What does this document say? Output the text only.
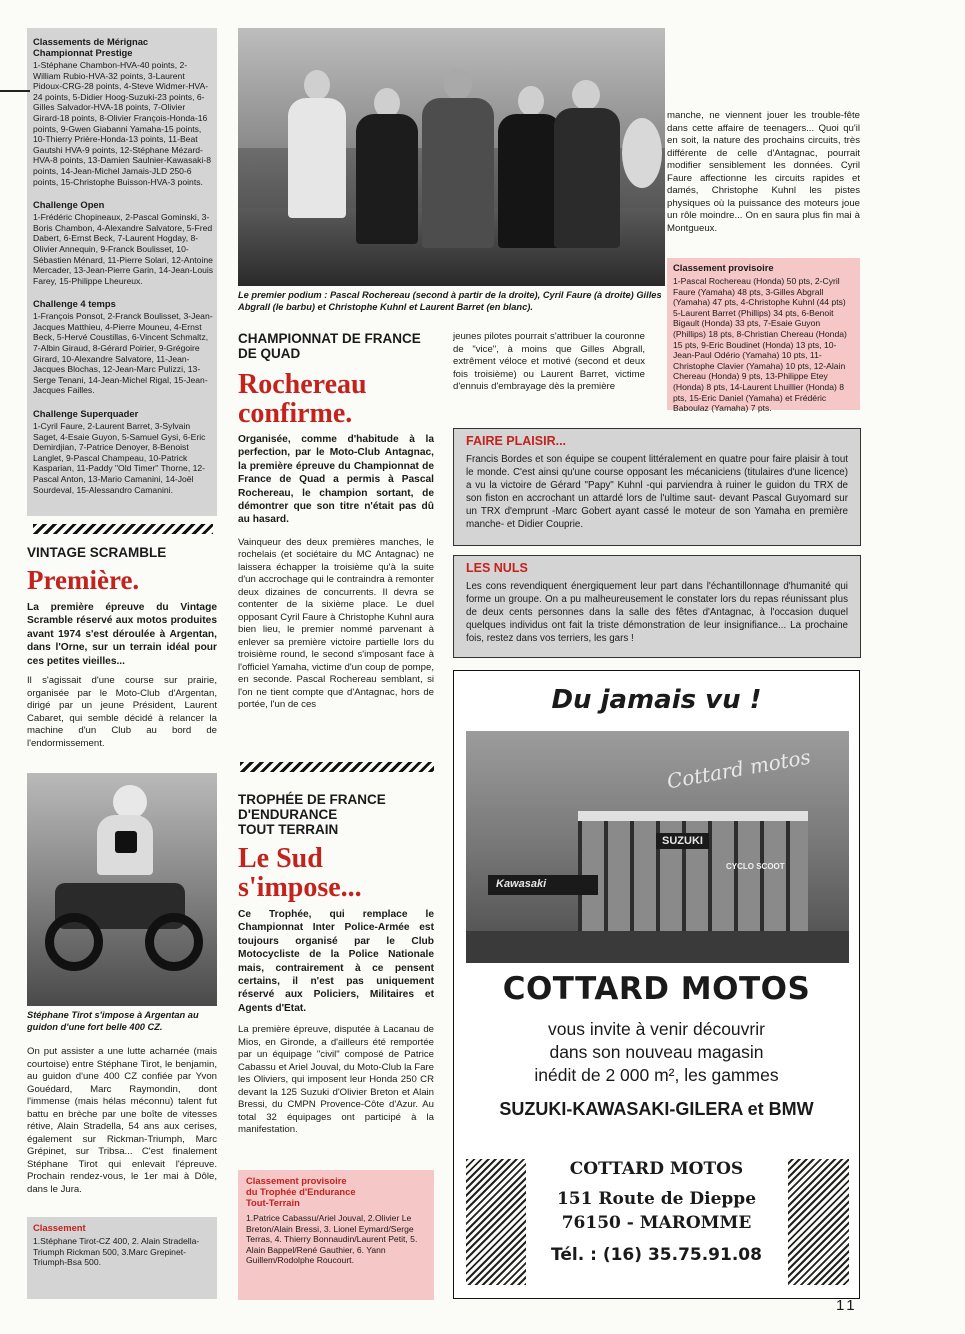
Classements de Mérignac
Championnat Prestige
1-Stéphane Chambon-HVA-40 points, 2-William Rubio-HVA-32 points, 3-Laurent Pidoux-CRG-28 points, 4-Steve Widmer-HVA-24 points, 5-Didier Hoog-Suzuki-23 points, 6-Gilles Salvador-HVA-18 points, 7-Olivier Girard-18 points, 8-Olivier François-Honda-16 points, 9-Gwen Giabanni Yamaha-15 points, 10-Thierry Prière-Honda-13 points, 11-Beat Gautshi HVA-9 points, 12-Stéphane Mézard-HVA-8 points, 13-Damien Saulnier-Kawasaki-8 points, 14-Jean-Michel Jamais-JLD 250-6 points, 15-Christophe Buisson-HVA-3 points.
Challenge Open
1-Frédéric Chopineaux, 2-Pascal Gominski, 3-Boris Chambon, 4-Alexandre Salvatore, 5-Fred Dabert, 6-Ernst Beck, 7-Laurent Hogday, 8-Olivier Annequin, 9-Franck Boulisset, 10-Sébastien Ménard, 11-Pierre Solari, 12-Antoine Mercader, 13-Jean-Pierre Garin, 14-Jean-Louis Farey, 15-Philippe Lheureux.
Challenge 4 temps
1-François Ponsot, 2-Franck Boulisset, 3-Jean-Jacques Matthieu, 4-Pierre Mouneu, 4-Ernst Beck, 5-Hervé Coustillas, 6-Vincent Schmaltz, 7-Albin Giraud, 8-Gérard Poirier, 9-Grégoire Girard, 10-Alexandre Salvatore, 11-Jean-Jacques Blochas, 12-Jean-Marc Pulizzi, 13-Serge Tenani, 14-Jean-Michel Rigal, 15-Jean-Jacques Failles.
Challenge Superquader
1-Cyril Faure, 2-Laurent Barret, 3-Sylvain Saget, 4-Esaie Guyon, 5-Samuel Gysi, 6-Eric Demirdjian, 7-Patrice Denoyer, 8-Benoist Langlet, 9-Pascal Champeau, 10-Patrick Kasparian, 11-Paddy "Old Timer" Thorne, 12-Pascal Anton, 13-Mario Camanini, 14-Joël Sourdeval, 15-Alessandro Camanini.
VINTAGE SCRAMBLE
Première.
La première épreuve du Vintage Scramble réservé aux motos produites avant 1974 s'est déroulée à Argentan, dans l'Orne, sur un terrain idéal pour ces petites vieilles...
Il s'agissait d'une course sur prairie, organisée par le Moto-Club d'Argentan, dirigé par un jeune Président, Laurent Cabaret, qui semble décidé à relancer la machine d'un Club au bord de l'endormissement.
Stéphane Tirot s'impose à Argentan au guidon d'une fort belle 400 CZ.
On put assister a une lutte acharnée (mais courtoise) entre Stéphane Tirot, le benjamin, au guidon d'une 400 CZ confiée par Yvon Gouédard, Marc Raymondin, dont l'immense (mais hélas méconnu) talent fut battu en brèche par une boîte de vitesses rétive, Alain Stradella, 54 ans aux cerises, également sur Rickman-Triumph, Marc Grépinet, sur Tribsa... C'est finalement Stéphane Tirot qui enlevait l'épreuve. Prochain rendez-vous, le 1er mai à Dôle, dans le Jura.
Classement
1.Stéphane Tirot-CZ 400, 2. Alain Stradella-Triumph Rickman 500, 3.Marc Grepinet-Triumph-Bsa 500.
Le premier podium : Pascal Rochereau (second à partir de la droite), Cyril Faure (à droite) Gilles Abgrall (le barbu) et Christophe Kuhnl et Laurent Barret (en blanc).
CHAMPIONNAT DE FRANCE
DE QUAD
Rochereau
confirme.
Organisée, comme d'habitude à la perfection, par le Moto-Club Antagnac, la première épreuve du Championnat de France de Quad a permis à Pascal Rochereau, le champion sortant, de démontrer que son titre n'était pas dû au hasard.
Vainqueur des deux premières manches, le rochelais (et sociétaire du MC Antagnac) ne laissera échapper la troisième qu'à la suite d'un accrochage qui le contraindra à remonter deux dizaines de concurrents. Il devra se contenter de la sixième place. Le duel opposant Cyril Faure à Christophe Kuhnl aura bien lieu, le premier nommé parvenant à enlever sa première victoire partielle lors du troisième round, le second s'imposant face à l'officiel Yamaha, victime d'un coup de pompe, en seconde. Pascal Rochereau semblant, si l'on ne tient compte que d'Antagnac, hors de portée, l'un de ces
jeunes pilotes pourrait s'attribuer la couronne de "vice", à moins que Gilles Abgrall, extrêment véloce et motivé (second et deux fois troisième) ou Laurent Barret, victime d'ennuis d'embrayage dès la première
manche, ne viennent jouer les trouble-fête dans cette affaire de teenagers... Quoi qu'il en soit, la nature des prochains circuits, très différente de celle d'Antagnac, pourrait modifier sensiblement les données. Cyril Faure affectionne les circuits rapides et damés, Christophe Kuhnl les pistes physiques où la puissance des moteurs joue un rôle moindre... On en saura plus fin mai à Montgueux.
Classement provisoire
1-Pascal Rochereau (Honda) 50 pts, 2-Cyril Faure (Yamaha) 48 pts, 3-Gilles Abgrall (Yamaha) 47 pts, 4-Christophe Kuhnl (44 pts) 5-Laurent Barret (Phillips) 34 pts, 6-Benoit Bigault (Honda) 33 pts, 7-Esaie Guyon (Phillips) 18 pts, 8-Christian Chereau (Honda) 15 pts, 9-Eric Boudinet (Honda) 13 pts, 10-Jean-Paul Odério (Yamaha) 10 pts, 11-Christophe Clavier (Yamaha) 10 pts, 12-Alain Chereau (Honda) 9 pts, 13-Philippe Etey (Honda) 8 pts, 14-Laurent Lhuillier (Honda) 8 pts, 15-Eric Daniel (Yamaha) et Frédéric Baboulaz (Yamaha) 7 pts.
FAIRE PLAISIR...
Francis Bordes et son équipe se coupent littéralement en quatre pour faire plaisir à tout le monde. C'est ainsi qu'une course opposant les mécaniciens (titulaires d'une licence) a vu la victoire de Gérard "Papy" Kuhnl -qui parviendra à ruiner le guidon du TRX de son fiston en accrochant un attardé lors de l'ultime saut- devant Pascal Guyomard sur un TRX d'emprunt -Marc Gobert ayant cassé le moteur de son Yamaha en première manche- et Didier Couprie.
LES NULS
Les cons revendiquent énergiquement leur part dans l'échantillonnage d'humanité qui forme un groupe. On a pu malheureusement le constater lors du repas réunissant plus de deux cents personnes dans la salle des fêtes d'Antagnac, à l'occasion duquel quelques individus ont fait la triste démonstration de leur insignifiance... La prochaine fois, restez dans vos terriers, les gars !
TROPHÉE DE FRANCE
D'ENDURANCE
TOUT TERRAIN
Le Sud
s'impose...
Ce Trophée, qui remplace le Championnat Inter Police-Armée est toujours organisé par le Club Motocycliste de la Police Nationale mais, contrairement à ce pensent certains, il n'est pas uniquement réservé aux Policiers, Militaires et Agents d'Etat.
La première épreuve, disputée à Lacanau de Mios, en Gironde, a d'ailleurs été remportée par un équipage "civil" composé de Patrice Cabassu et Ariel Jouval, du Moto-Club la Fare les Oliviers, qui imposent leur Honda 250 CR devant la 125 Suzuki d'Olivier Breton et Alain Bressi, du CMPN Provence-Côte d'Azur. Au total 32 équipages ont participé à la manifestation.
Classement provisoire
du Trophée d'Endurance
Tout-Terrain
1.Patrice Cabassu/Ariel Jouval, 2.Olivier Le Breton/Alain Bressi, 3. Lionel Eymard/Serge Terras, 4. Thierry Bonnaudin/Laurent Petit, 5. Alain Bappel/René Gauthier, 6. Yann Guillem/Rodolphe Roucourt.
Du jamais vu !
Cottard motos
SUZUKI
Kawasaki
CYCLO SCOOT
COTTARD MOTOS
vous invite à venir découvrir
dans son nouveau magasin
inédit de 2 000 m², les gammes
SUZUKI-KAWASAKI-GILERA et BMW
COTTARD MOTOS
151 Route de Dieppe
76150 - MAROMME
Tél. : (16) 35.75.91.08
11
